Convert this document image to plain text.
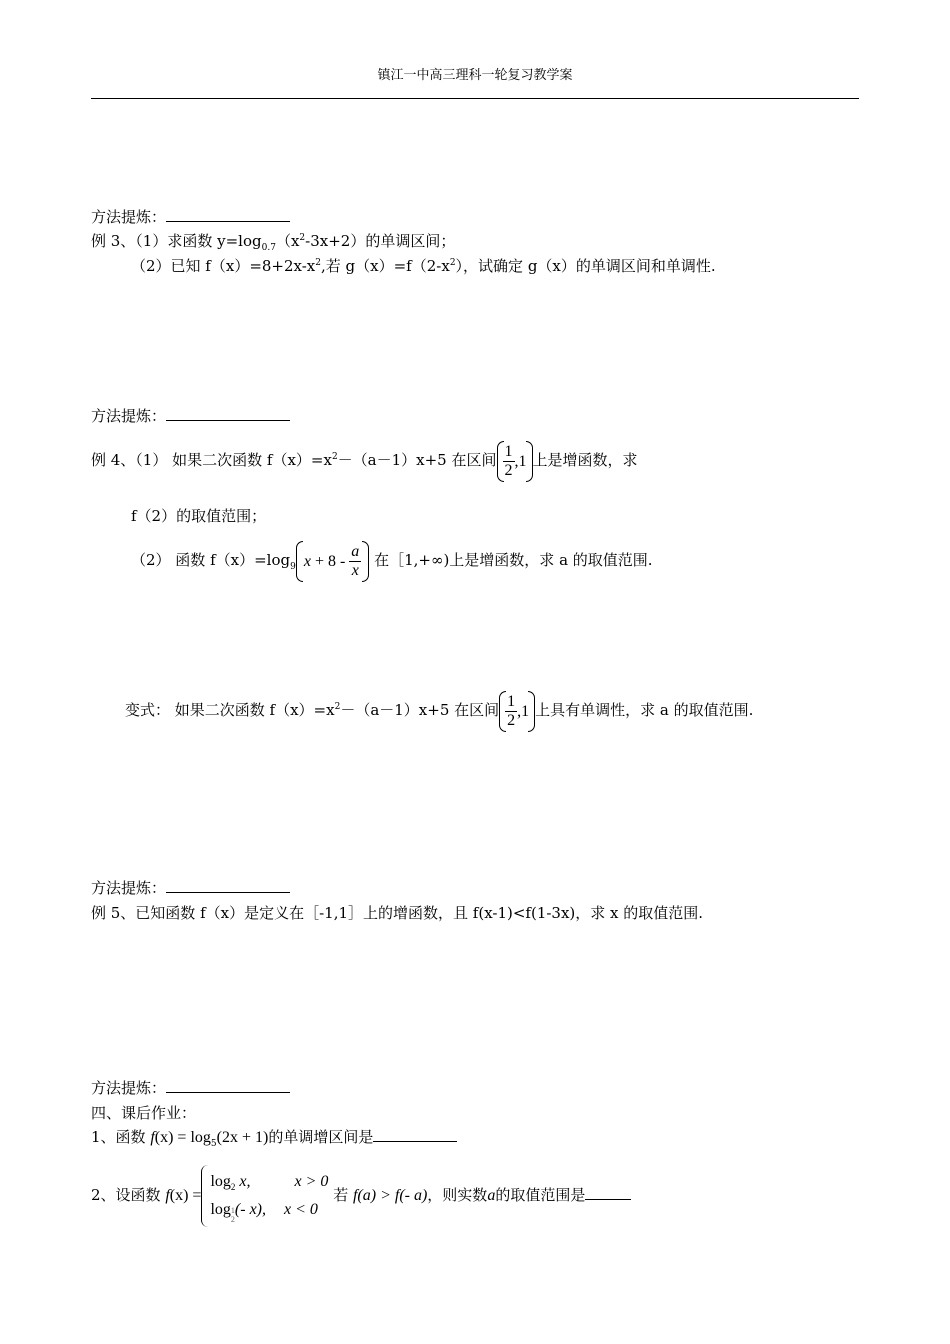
镇江一中高三理科一轮复习教学案
方法提炼：
例 3、（1）求函数 $y=\log_{0.7}(x^2-3x+2)$的单调区间；
（2）已知 $f(x)=8+2x-x^2$,若 $g(x)=f(2-x^2)$，试确定 g（x）的单调区间和单调性.
方法提炼：
例 4、（1） 如果二次函数 $f(x)=x^2-(a-1)x+5$ 在区间 $\frac{1}{2} ,1$ 上是增函数，求
f（2）的取值范围；
（2） 函数 $f(x)=\log_9$ $x + 8 - \frac{a}{x}$ 在［1,+∞)上是增函数，求 a 的取值范围.
变式： 如果二次函数 $f(x)=x^2-(a-1)x+5$ 在区间 $\frac{1}{2} ,1$ 上具有单调性，求 a 的取值范围.
方法提炼：
例 5、已知函数 f（x）是定义在［-1,1］上的增函数，且 f(x-1)<f(1-3x)，求 x 的取值范围.
方法提炼：
四、课后作业：
1、函数 $f(x) = \log_5(2x + 1)$的单调增区间是
2、设函数 f(x) =
$\log_2 x$,	x > 0
log 1
2
(- x), x < 0
若 f(a) > f(- a)，则实数a的取值范围是
